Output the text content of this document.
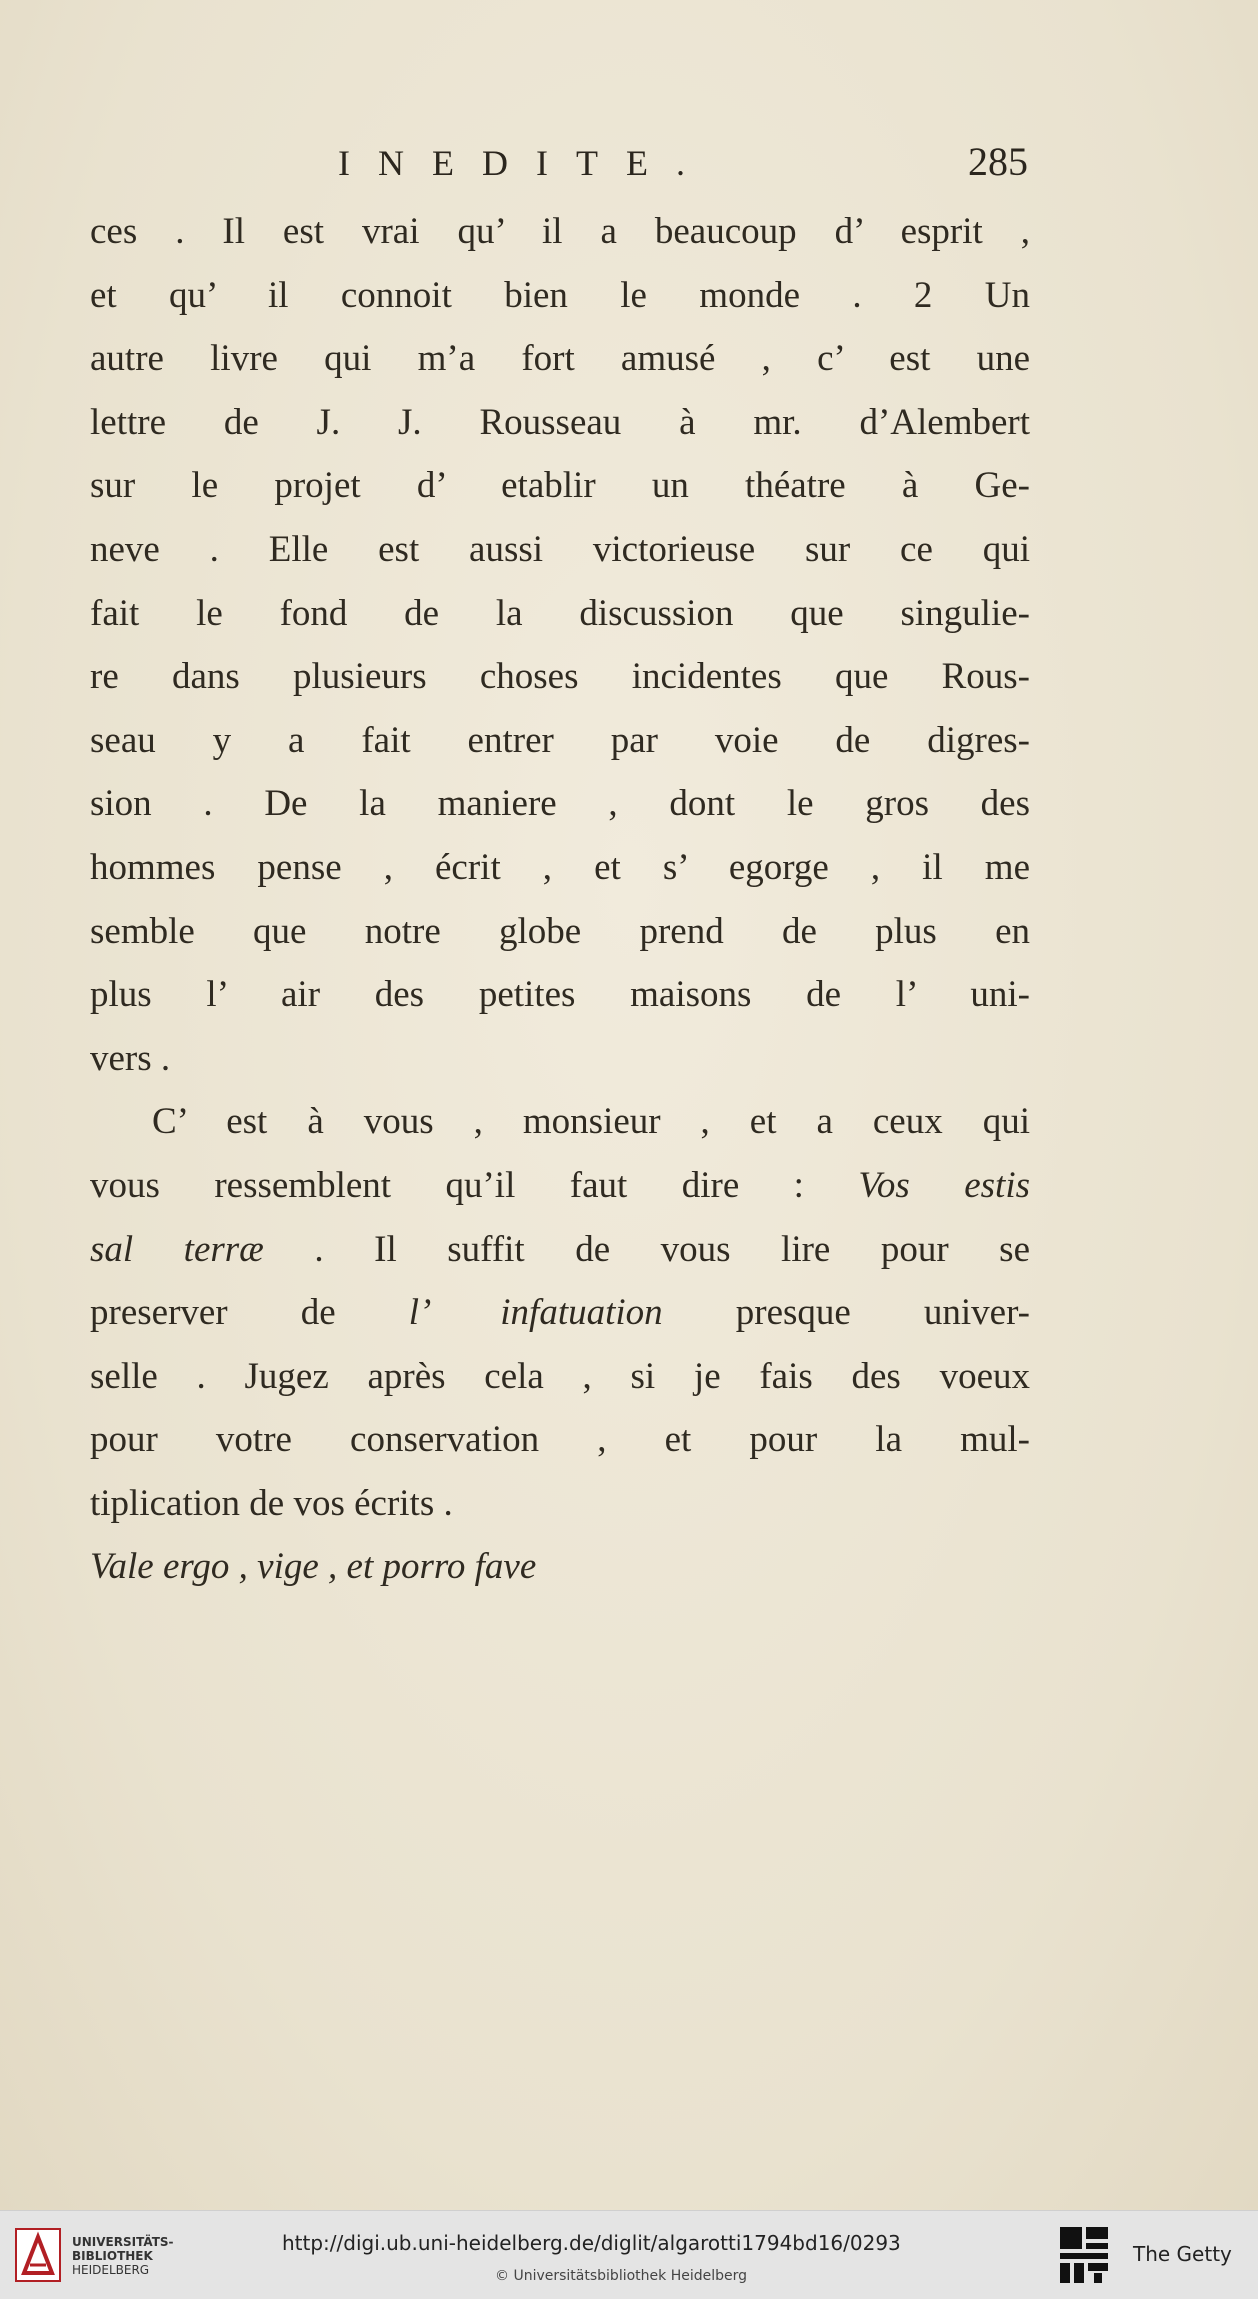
INEDITE.	285
ces . Il est vrai qu’ il a beaucoup d’ esprit ,
et qu’ il connoit bien le monde . 2 Un
autre livre qui m’a fort amusé , c’ est une
lettre de J. J. Rousseau à mr. d’Alembert
sur le projet d’ etablir un théatre à Ge-
neve . Elle est aussi victorieuse sur ce qui
fait le fond de la discussion que singulie-
re dans plusieurs choses incidentes que Rous-
seau y a fait entrer par voie de digres-
sion . De la maniere , dont le gros des
hommes pense , écrit , et s’ egorge , il me
semble que notre globe prend de plus en
plus l’ air des petites maisons de l’ uni-
vers .
C’ est à vous , monsieur , et a ceux qui
vous ressemblent qu’il faut dire : Vos estis
sal terræ . Il suffit de vous lire pour se
preserver de l’ infatuation presque univer-
selle . Jugez après cela , si je fais des voeux
pour votre conservation , et pour la mul-
tiplication de vos écrits .
Vale ergo , vige , et porro fave
UNIVERSITÄTS-
BIBLIOTHEK
HEIDELBERG
http://digi.ub.uni-heidelberg.de/diglit/algarotti1794bd16/0293
© Universitätsbibliothek Heidelberg
The Getty
